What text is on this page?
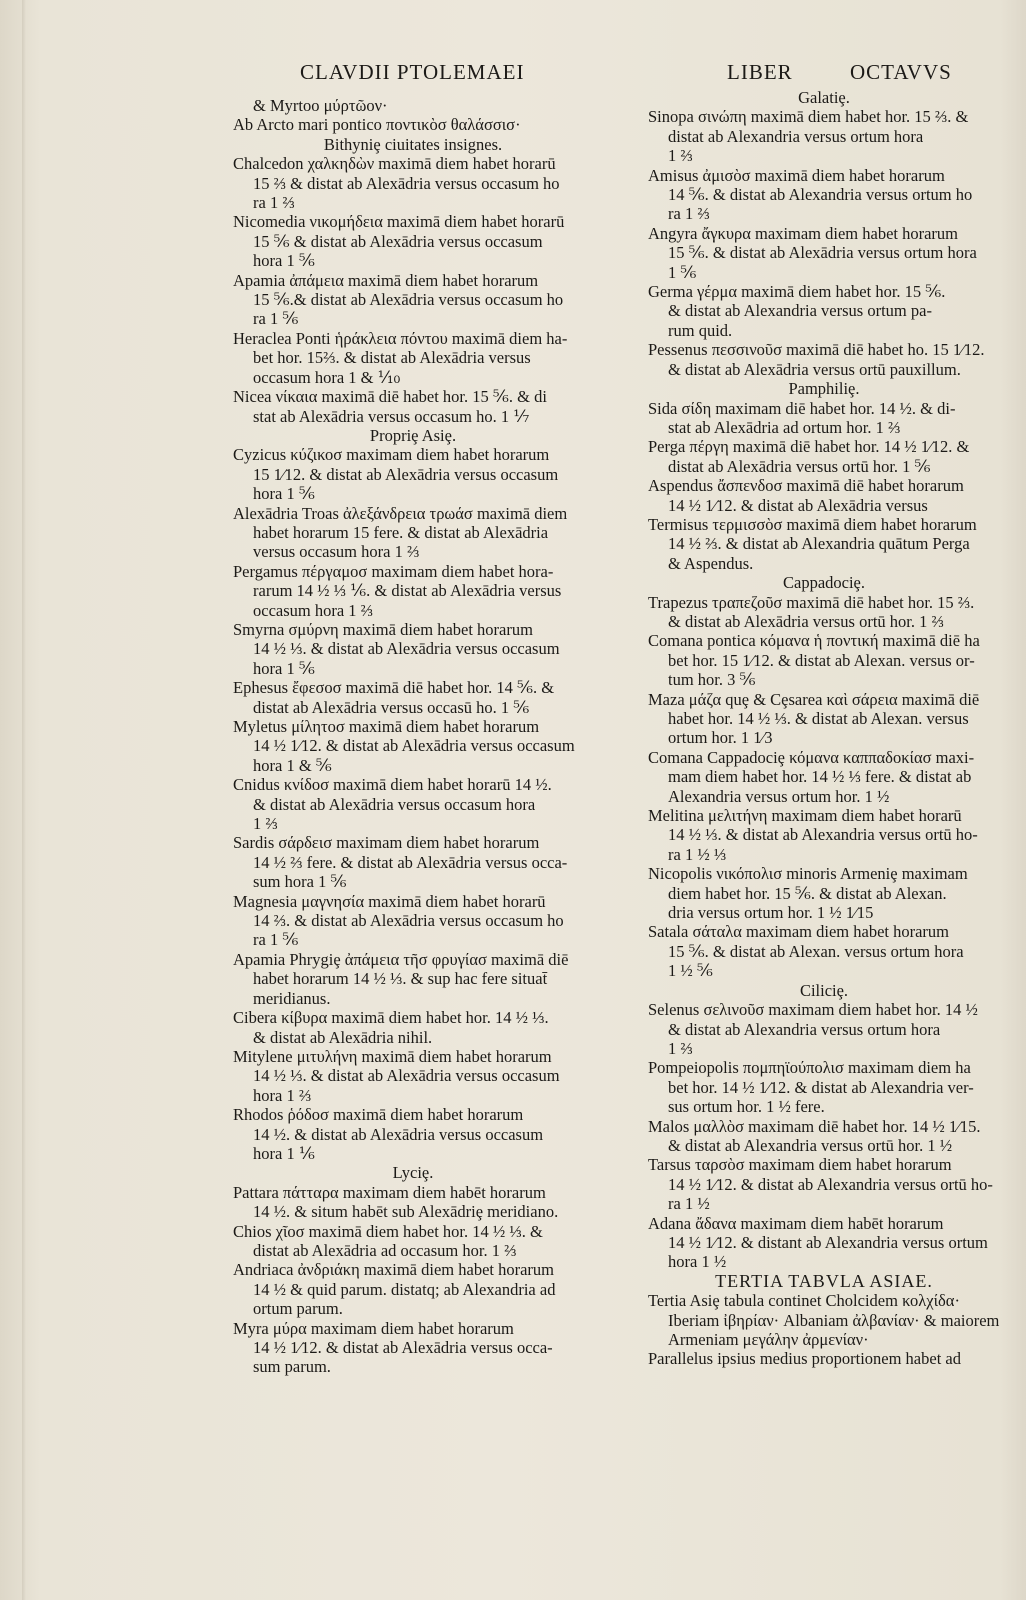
CLAVDII PTOLEMAEI	LIBER	OCTAVVS
& Myrtoo μύρτῶον·
Ab Arcto mari pontico ποντικὸσ θαλάσσισ·
Bithyniȩ ciuitates insignes.
Chalcedon χαλκηδὼν maximā diem habet horarū
15 ⅔ & distat ab Alexādria versus occasum ho
ra 1 ⅔
Nicomedia νικομήδεια maximā diem habet horarū
15 ⅚ & distat ab Alexādria versus occasum
hora 1 ⅚
Apamia ἀπάμεια maximā diem habet horarum
15 ⅚.& distat ab Alexādria versus occasum ho
ra 1 ⅚
Heraclea Ponti ἡράκλεια πόντου maximā diem ha-
bet hor. 15⅔. & distat ab Alexādria versus
occasum hora 1 & ⅒
Nicea νίκαια maximā diē habet hor. 15 ⅚. & di
stat ab Alexādria versus occasum ho. 1 ⅐
Propriȩ Asiȩ.
Cyzicus κύζικοσ maximam diem habet horarum
15 1⁄12. & distat ab Alexādria versus occasum
hora 1 ⅚
Alexādria Troas ἀλεξάνδρεια τρωάσ maximā diem
habet horarum 15 fere. & distat ab Alexādria
versus occasum hora 1 ⅔
Pergamus πέργαμοσ maximam diem habet hora-
rarum 14 ½ ⅓ ⅙. & distat ab Alexādria versus
occasum hora 1 ⅔
Smyrna σμύρνη maximā diem habet horarum
14 ½ ⅓. & distat ab Alexādria versus occasum
hora 1 ⅚
Ephesus ἔφεσοσ maximā diē habet hor. 14 ⅚. &
distat ab Alexādria versus occasū ho. 1 ⅚
Myletus μίλητοσ maximā diem habet horarum
14 ½ 1⁄12. & distat ab Alexādria versus occasum
hora 1 & ⅚
Cnidus κνίδοσ maximā diem habet horarū 14 ½.
& distat ab Alexādria versus occasum hora
1 ⅔
Sardis σάρδεισ maximam diem habet horarum
14 ½ ⅔ fere. & distat ab Alexādria versus occa-
sum hora 1 ⅚
Magnesia μαγνησία maximā diem habet horarū
14 ⅔. & distat ab Alexādria versus occasum ho
ra 1 ⅚
Apamia Phrygiȩ ἀπάμεια τῆσ φρυγίασ maximā diē
habet horarum 14 ½ ⅓. & sup hac fere situat̄
meridianus.
Cibera κίβυρα maximā diem habet hor. 14 ½ ⅓.
& distat ab Alexādria nihil.
Mitylene μιτυλήνη maximā diem habet horarum
14 ½ ⅓. & distat ab Alexādria versus occasum
hora 1 ⅔
Rhodos ῥόδοσ maximā diem habet horarum
14 ½. & distat ab Alexādria versus occasum
hora 1 ⅙
Lyciȩ.
Pattara πάτταρα maximam diem habēt horarum
14 ½. & situm habēt sub Alexādriȩ meridiano.
Chios χῖοσ maximā diem habet hor. 14 ½ ⅓. &
distat ab Alexādria ad occasum hor. 1 ⅔
Andriaca ἀνδριάκη maximā diem habet horarum
14 ½ & quid parum. distatq; ab Alexandria ad
ortum parum.
Myra μύρα maximam diem habet horarum
14 ½ 1⁄12. & distat ab Alexādria versus occa-
sum parum.
Galatiȩ.
Sinopa σινώπη maximā diem habet hor. 15 ⅔. &
distat ab Alexandria versus ortum hora
1 ⅔
Amisus ἀμισὸσ maximā diem habet horarum
14 ⅚. & distat ab Alexandria versus ortum ho
ra 1 ⅔
Angyra ἄγκυρα maximam diem habet horarum
15 ⅚. & distat ab Alexādria versus ortum hora
1 ⅚
Germa γέρμα maximā diem habet hor. 15 ⅚.
& distat ab Alexandria versus ortum pa-
rum quid.
Pessenus πεσσινοῦσ maximā diē habet ho. 15 1⁄12.
& distat ab Alexādria versus ortū pauxillum.
Pamphiliȩ.
Sida σίδη maximam diē habet hor. 14 ½. & di-
stat ab Alexādria ad ortum hor. 1 ⅔
Perga πέργη maximā diē habet hor. 14 ½ 1⁄12. &
distat ab Alexādria versus ortū hor. 1 ⅚
Aspendus ἄσπενδοσ maximā diē habet horarum
14 ½ 1⁄12. & distat ab Alexādria versus
Termisus τερμισσὸσ maximā diem habet horarum
14 ½ ⅔. & distat ab Alexandria quātum Perga
& Aspendus.
Cappadociȩ.
Trapezus τραπεζοῦσ maximā diē habet hor. 15 ⅔.
& distat ab Alexādria versus ortū hor. 1 ⅔
Comana pontica κόμανα ἡ ποντική maximā diē ha
bet hor. 15 1⁄12. & distat ab Alexan. versus or-
tum hor. 3 ⅚
Maza μάζα quȩ & Cȩsarea καὶ σάρεια maximā diē
habet hor. 14 ½ ⅓. & distat ab Alexan. versus
ortum hor. 1 1⁄3
Comana Cappadociȩ κόμανα καππαδοκίασ maxi-
mam diem habet hor. 14 ½ ⅓ fere. & distat ab
Alexandria versus ortum hor. 1 ½
Melitina μελιτήνη maximam diem habet horarū
14 ½ ⅓. & distat ab Alexandria versus ortū ho-
ra 1 ½ ⅓
Nicopolis νικόπολισ minoris Armeniȩ maximam
diem habet hor. 15 ⅚. & distat ab Alexan.
dria versus ortum hor. 1 ½ 1⁄15
Satala σάταλα maximam diem habet horarum
15 ⅚. & distat ab Alexan. versus ortum hora
1 ½ ⅚
Ciliciȩ.
Selenus σελινοῦσ maximam diem habet hor. 14 ½
& distat ab Alexandria versus ortum hora
1 ⅔
Pompeiopolis πομπηϊούπολισ maximam diem ha
bet hor. 14 ½ 1⁄12. & distat ab Alexandria ver-
sus ortum hor. 1 ½ fere.
Malos μαλλὸσ maximam diē habet hor. 14 ½ 1⁄15.
& distat ab Alexandria versus ortū hor. 1 ½
Tarsus ταρσὸσ maximam diem habet horarum
14 ½ 1⁄12. & distat ab Alexandria versus ortū ho-
ra 1 ½
Adana ἄδανα maximam diem habēt horarum
14 ½ 1⁄12. & distant ab Alexandria versus ortum
hora 1 ½
TERTIA TABVLA ASIAE.
Tertia Asiȩ tabula continet Cholcidem κολχίδα·
Iberiam ἰβηρίαν· Albaniam ἀλβανίαν· & maiorem
Armeniam μεγάλην ἀρμενίαν·
Parallelus ipsius medius proportionem habet ad
